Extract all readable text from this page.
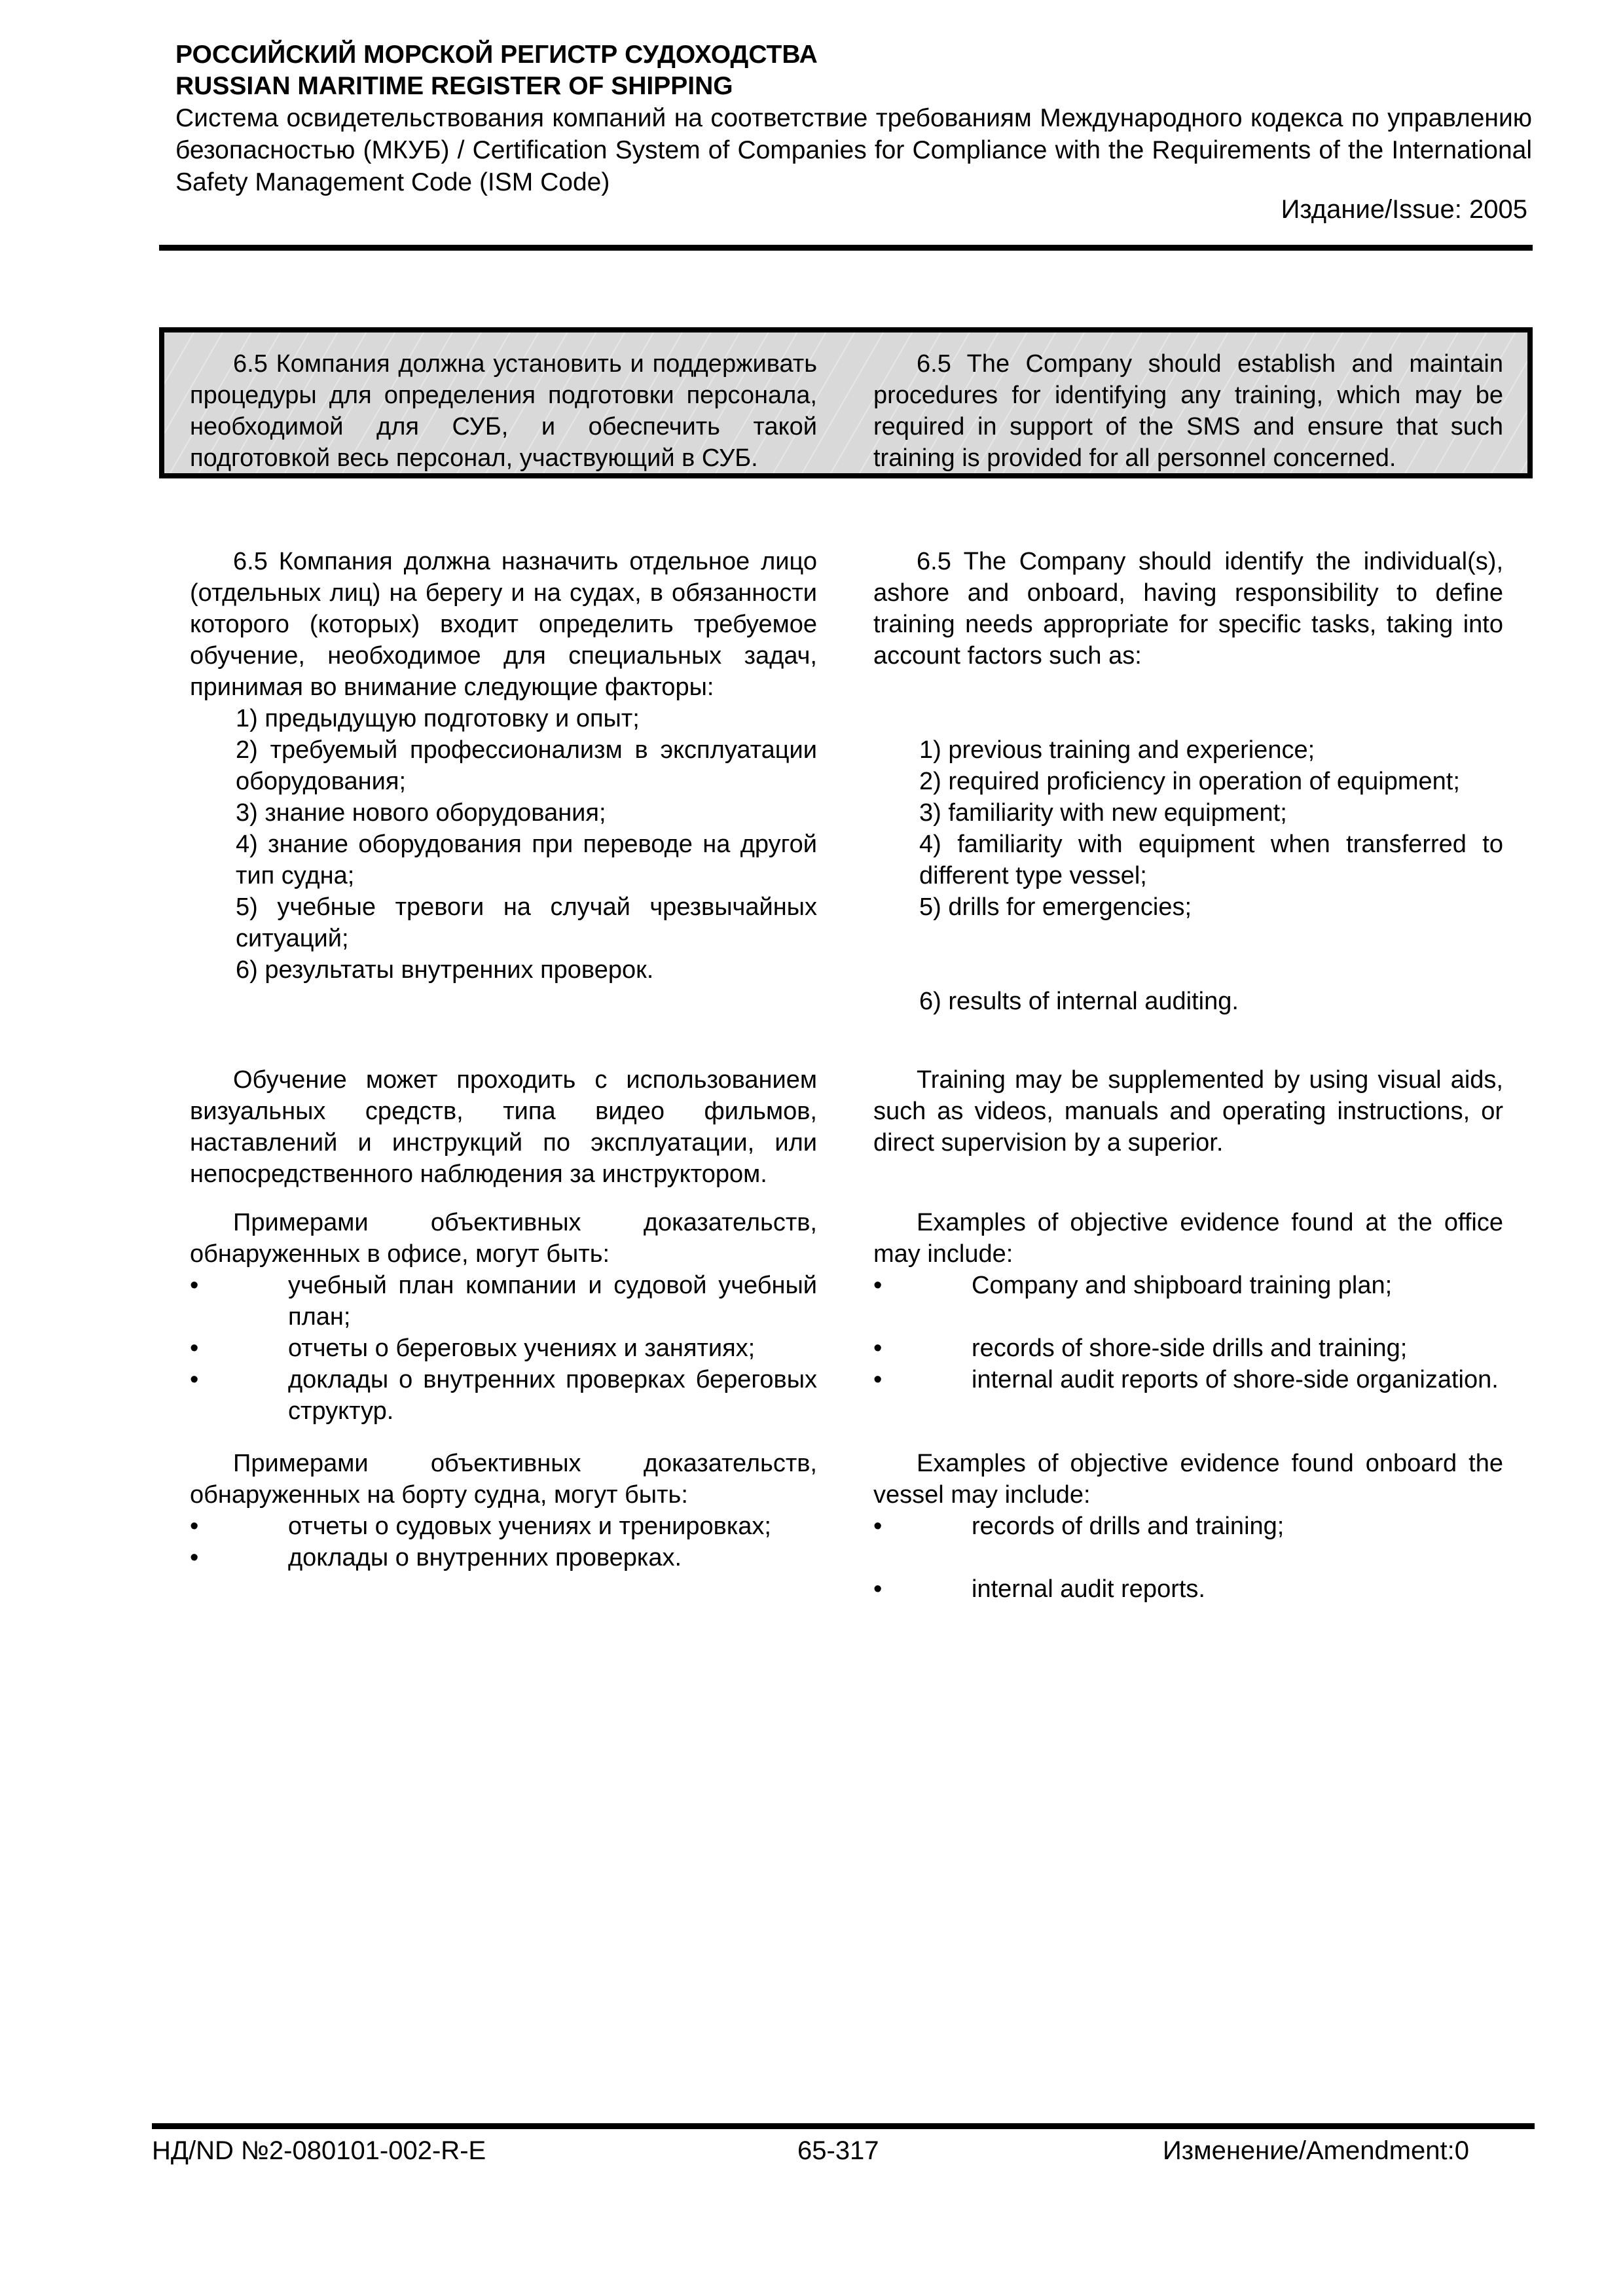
РОССИЙСКИЙ МОРСКОЙ РЕГИСТР СУДОХОДСТВА
RUSSIAN MARITIME REGISTER OF SHIPPING
Система освидетельствования компаний на соответствие требованиям Международного кодекса по управлению безопасностью (МКУБ) / Certification System of Companies for Compliance with the Requirements of the International Safety Management Code (ISM Code)
Издание/Issue: 2005
6.5 Компания должна установить и поддерживать процедуры для определения подготовки персонала, необходимой для СУБ, и обеспечить такой подготовкой весь персонал, участвующий в СУБ.
6.5 The Company should establish and maintain procedures for identifying any training, which may be required in support of the SMS and ensure that such training is provided for all personnel concerned.

6.5 Компания должна назначить отдельное лицо (отдельных лиц) на берегу и на судах, в обязанности которого (которых) входит определить требуемое обучение, необходимое для специальных задач, принимая во внимание следующие факторы:

1) предыдущую подготовку и опыт;

2) требуемый профессионализм в эксплуатации оборудования;

3) знание нового оборудования;

4) знание оборудования при переводе на другой тип судна;

5) учебные тревоги на случай чрезвычайных ситуаций;

6) результаты внутренних проверок.

6.5 The Company should identify the individual(s), ashore and onboard, having responsibility to define training needs appropriate for specific tasks, taking into account factors such as:

1) previous training and experience;

2) required proficiency in operation of equipment;

3) familiarity with new equipment;

4) familiarity with equipment when transferred to different type vessel;

5) drills for emergencies;

6) results of internal auditing.

Обучение может проходить с использованием визуальных средств, типа видео фильмов, наставлений и инструкций по эксплуатации, или непосредственного наблюдения за инструктором.

Training may be supplemented by using visual aids, such as videos, manuals and operating instructions, or direct supervision by a superior.

Примерами объективных доказательств, обнаруженных в офисе, могут быть:

•	учебный план компании и судовой учебный план;
•	отчеты о береговых учениях и занятиях;
•	доклады о внутренних проверках береговых структур.

Examples of objective evidence found at the office may include:

•	Company and shipboard training plan;
•	records of shore-side drills and training;
•	internal audit reports of shore-side organization.

Примерами объективных доказательств, обнаруженных на борту судна, могут быть:

•	отчеты о судовых учениях и тренировках;
•	доклады о внутренних проверках.

Examples of objective evidence found onboard the vessel may include:

•	records of drills and training;
•	internal audit reports.
НД/ND №2-080101-002-R-E	65-317	Изменение/Amendment:0
